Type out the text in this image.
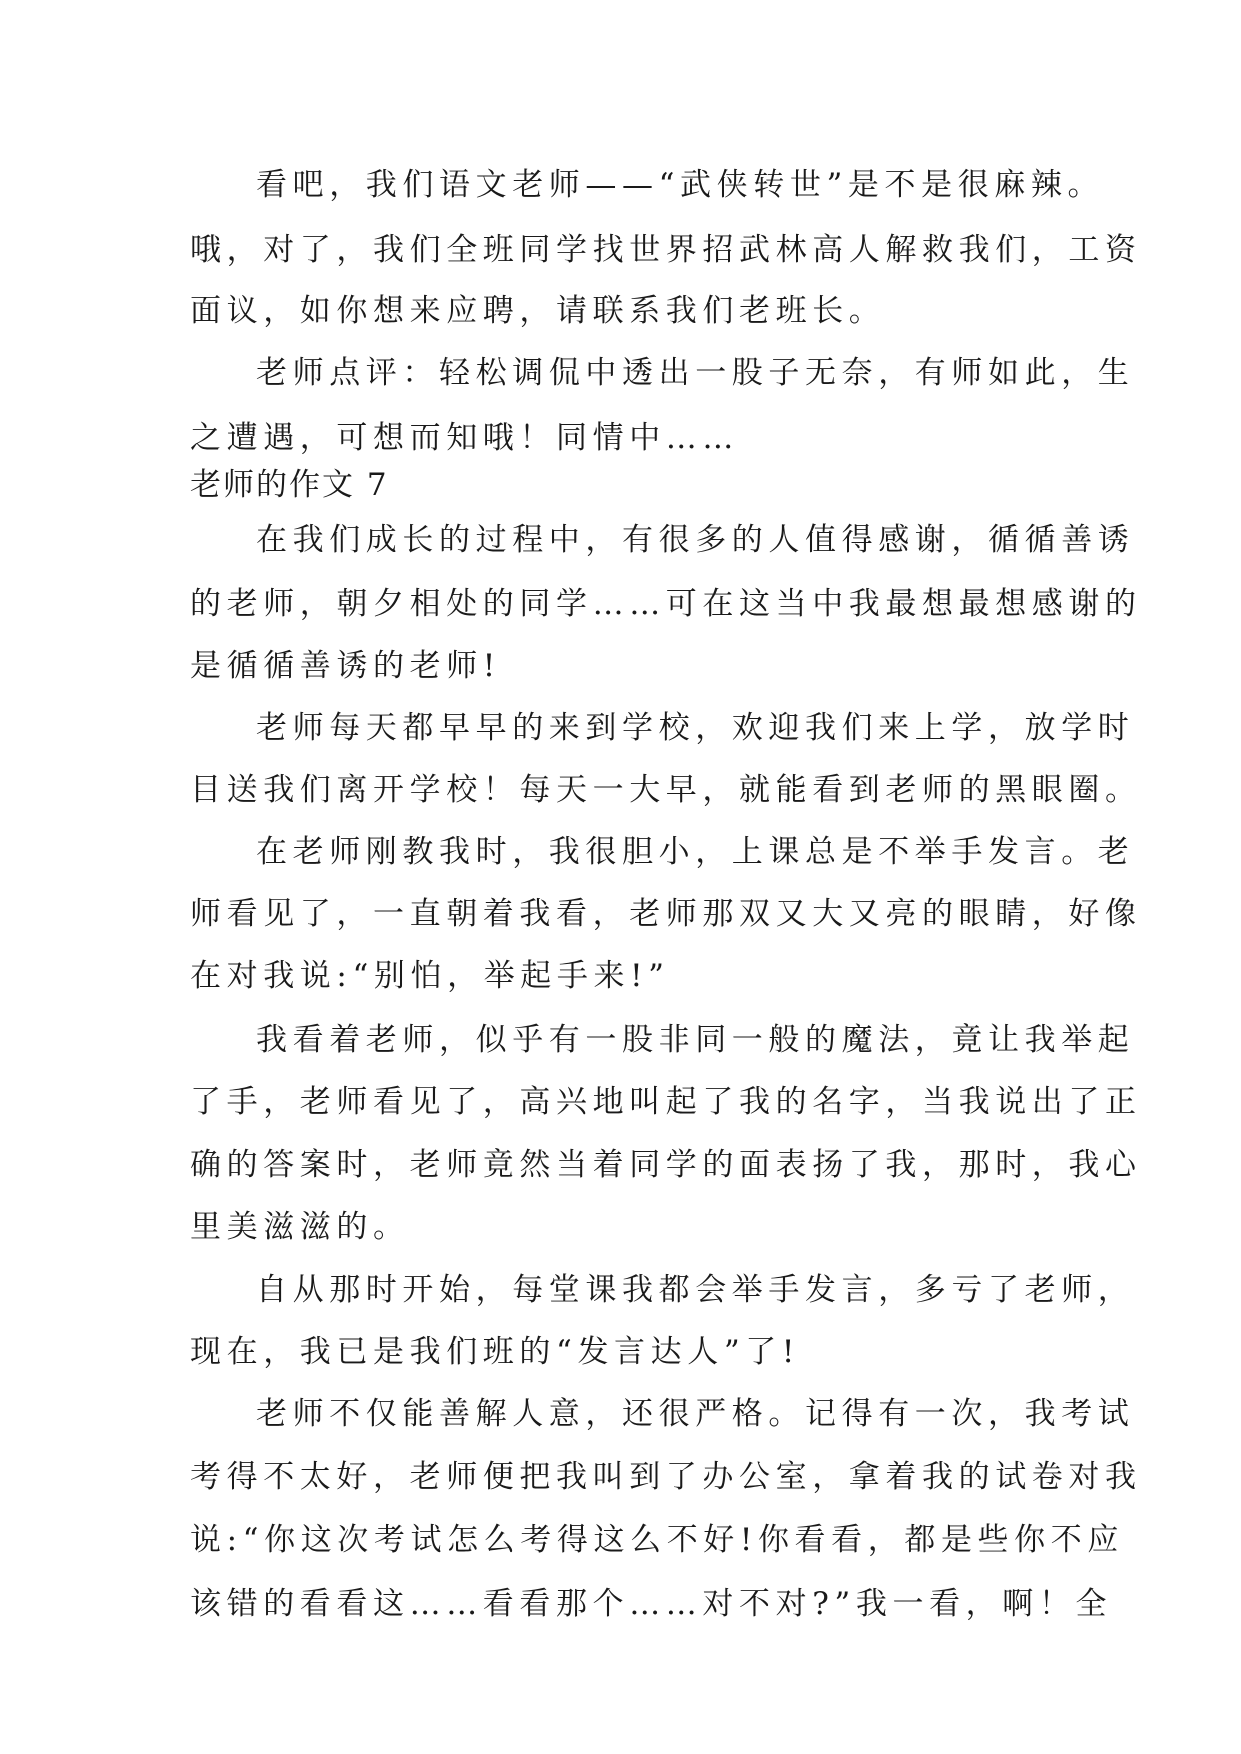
看吧，我们语文老师——“武侠转世”是不是很麻辣。
哦，对了，我们全班同学找世界招武林高人解救我们，工资
面议，如你想来应聘，请联系我们老班长。
老师点评：轻松调侃中透出一股子无奈，有师如此，生
之遭遇，可想而知哦！同情中……
老师的作文 7
在我们成长的过程中，有很多的人值得感谢，循循善诱
的老师，朝夕相处的同学……可在这当中我最想最想感谢的
是循循善诱的老师!
老师每天都早早的来到学校，欢迎我们来上学，放学时
目送我们离开学校！每天一大早，就能看到老师的黑眼圈。
在老师刚教我时，我很胆小，上课总是不举手发言。老
师看见了，一直朝着我看，老师那双又大又亮的眼睛，好像
在对我说:“别怕，举起手来!”
我看着老师，似乎有一股非同一般的魔法，竟让我举起
了手，老师看见了，高兴地叫起了我的名字，当我说出了正
确的答案时，老师竟然当着同学的面表扬了我，那时，我心
里美滋滋的。
自从那时开始，每堂课我都会举手发言，多亏了老师，
现在，我已是我们班的“发言达人”了!
老师不仅能善解人意，还很严格。记得有一次，我考试
考得不太好，老师便把我叫到了办公室，拿着我的试卷对我
说:“你这次考试怎么考得这么不好!你看看，都是些你不应
该错的看看这……看看那个……对不对?”我一看，啊！全
